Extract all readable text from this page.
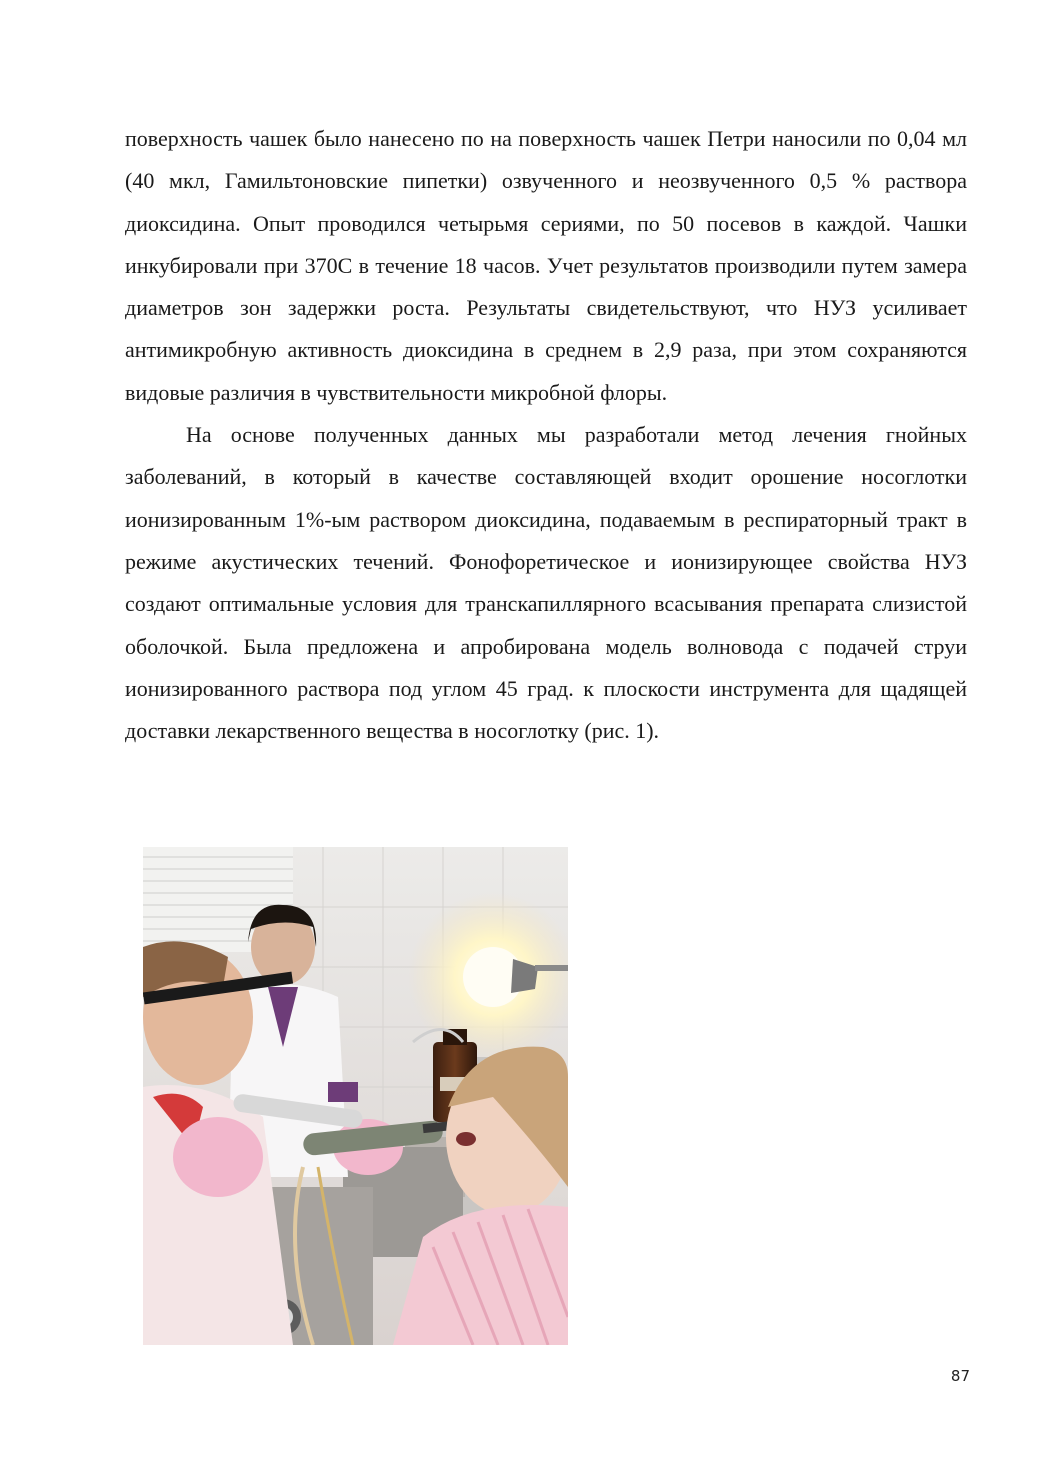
поверхность чашек было нанесено по на поверхность чашек Петри наносили по 0,04 мл (40 мкл, Гамильтоновские пипетки) озвученного и неозвученного 0,5 % раствора диоксидина. Опыт проводился четырьмя сериями, по 50 посевов в каждой. Чашки инкубировали при 370С в течение 18 часов. Учет результатов производили путем замера диаметров зон задержки роста. Результаты свидетельствуют, что НУЗ усиливает антимикробную активность диоксидина в среднем в 2,9 раза, при этом сохраняются видовые различия в чувствительности микробной флоры.

На основе полученных данных мы разработали метод лечения гнойных заболеваний, в который в качестве составляющей входит орошение носоглотки ионизированным 1%-ым раствором диоксидина, подаваемым в респираторный тракт в режиме акустических течений. Фонофоретическое и ионизирующее свойства НУЗ создают оптимальные условия для транскапиллярного всасывания препарата слизистой оболочкой. Была предложена и апробирована модель волновода с подачей струи ионизированного раствора под углом 45 град. к плоскости инструмента для щадящей доставки лекарственного вещества в носоглотку (рис. 1).

87
